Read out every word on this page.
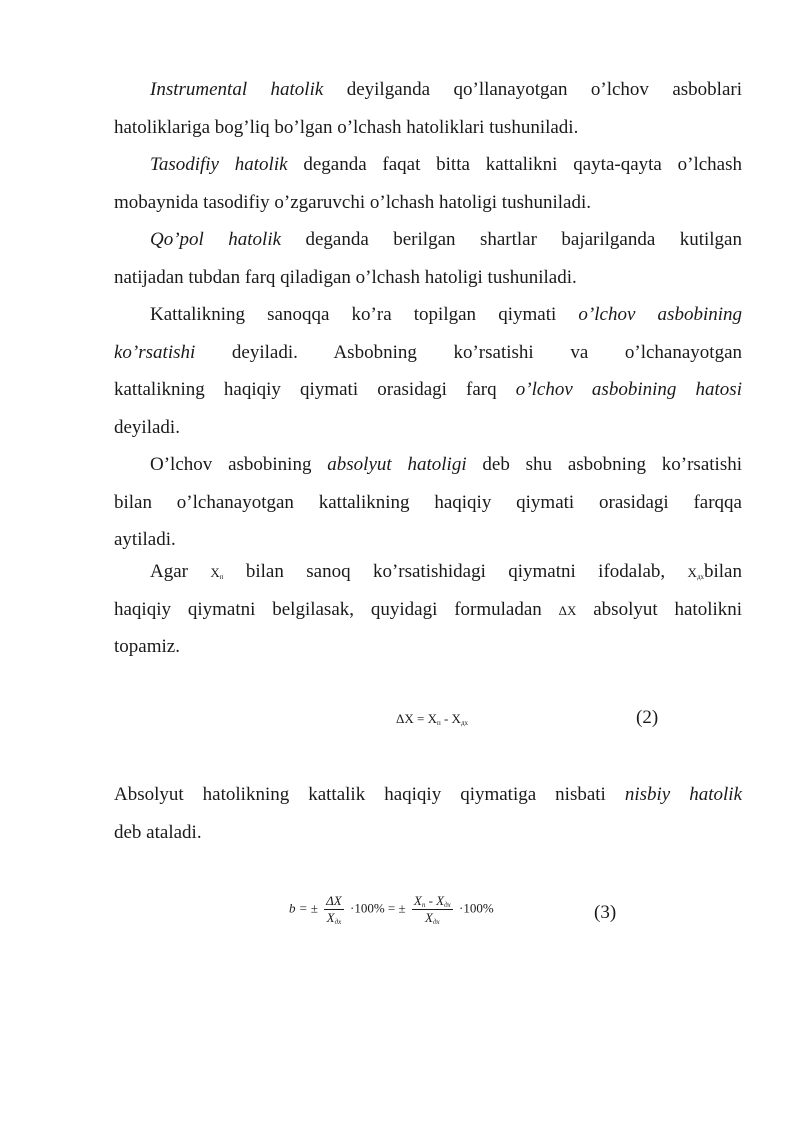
Instrumental hatolik deyilganda qo’llanayotgan o’lchov asboblari
hatoliklariga bog’liq bo’lgan o’lchash hatoliklari tushuniladi.
Tasodifiy hatolik deganda faqat bitta kattalikni qayta-qayta o’lchash
mobaynida tasodifiy o’zgaruvchi o’lchash hatoligi tushuniladi.
Qo’pol hatolik deganda berilgan shartlar bajarilganda kutilgan
natijadan tubdan farq qiladigan o’lchash hatoligi tushuniladi.
Kattalikning sanoqqa ko’ra topilgan qiymati o’lchov asbobining
ko’rsatishi deyiladi. Asbobning ko’rsatishi va o’lchanayotgan
kattalikning haqiqiy qiymati orasidagi farq o’lchov asbobining hatosi
deyiladi.
O’lchov asbobining absolyut hatoligi deb shu asbobning ko’rsatishi
bilan o’lchanayotgan kattalikning haqiqiy qiymati orasidagi farqqa
aytiladi.
Agar $X_п$ bilan sanoq ko’rsatishidagi qiymatni ifodalab, $X_{дх}bilan$
haqiqiy qiymatni belgilasak, quyidagi formuladan ΔX absolyut hatolikni
topamiz.
$\Delta X = X_п - X_{дх}$	(2)
Absolyut hatolikning kattalik haqiqiy qiymatiga nisbati nisbiy hatolik
deb ataladi.
b = ± $\frac{\Delta X}{X_{дх}} \cdot 100\%$ = ± $\frac{X_п - X_{дх}}{X_{дх}} \cdot 100\%$	(3)
